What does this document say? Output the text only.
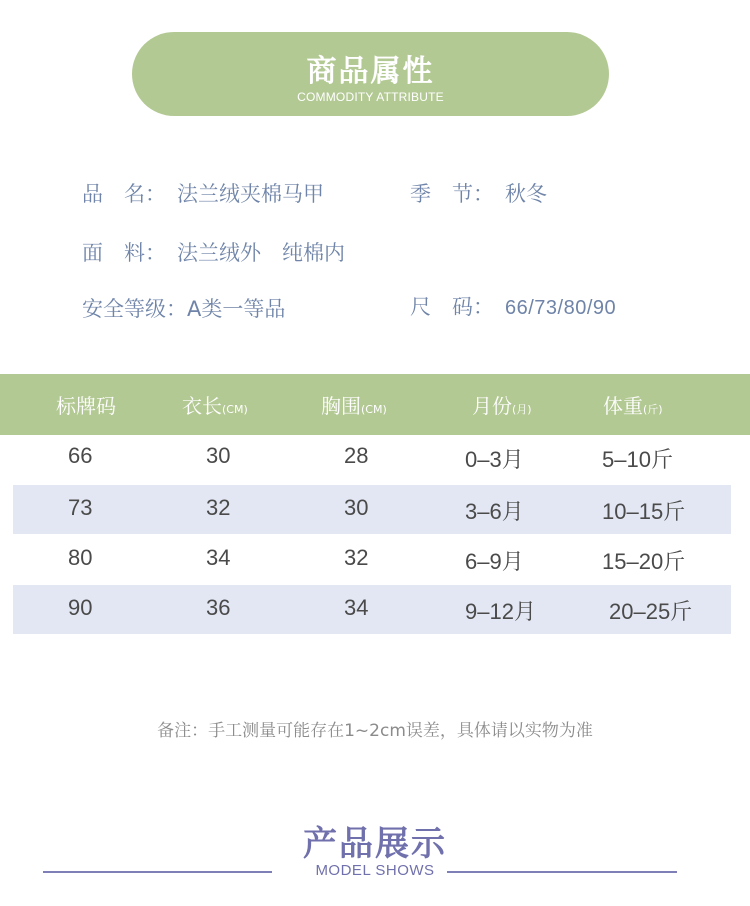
商品属性
COMMODITY ATTRIBUTE
品　名： 法兰绒夹棉马甲	季　节： 秋冬
面　料： 法兰绒外　纯棉内
安全等级：A类一等品	尺　码： 66/73/80/90
标牌码	衣长(CM)	胸围(CM)	月份(月)	体重(斤)
66	30	28	0–3月	5–10斤
73	32	30	3–6月	10–15斤
80	34	32	6–9月	15–20斤
90	36	34	9–12月	20–25斤
备注：手工测量可能存在1~2cm误差，具体请以实物为准
产品展示
MODEL SHOWS
